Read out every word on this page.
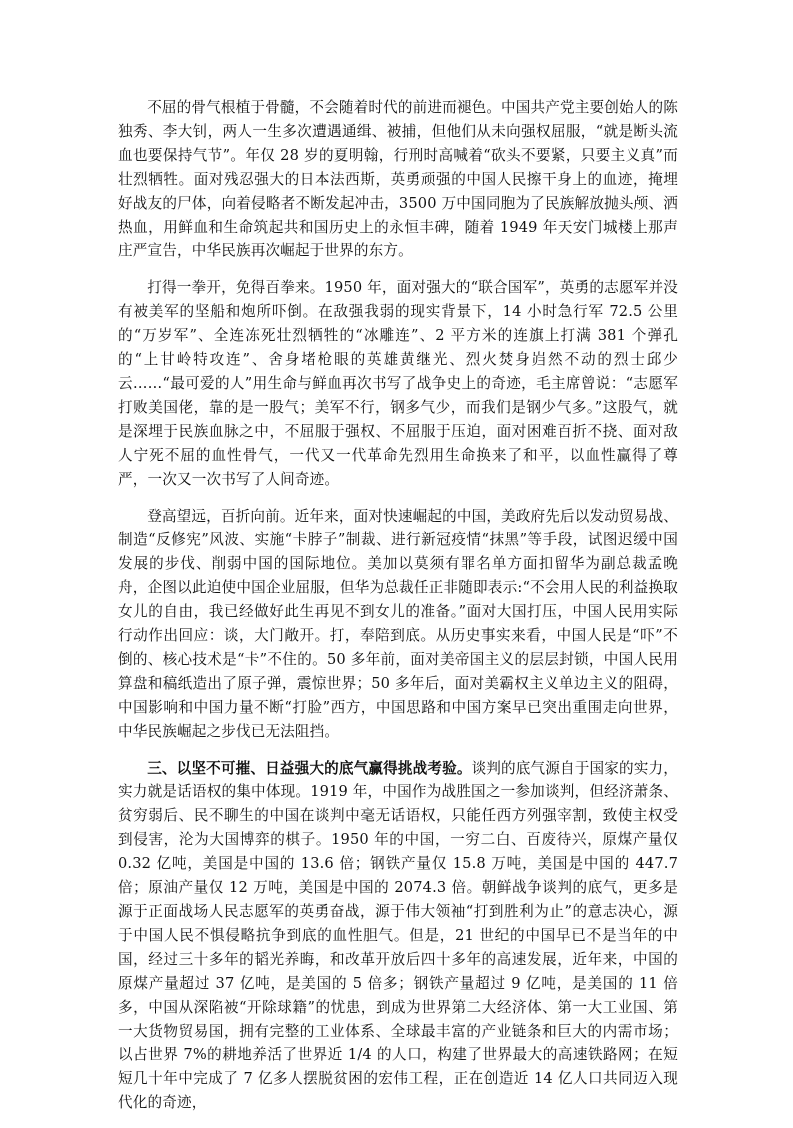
不屈的骨气根植于骨髓，不会随着时代的前进而褪色。中国共产党主要创始人的陈独秀、李大钊，两人一生多次遭遇通缉、被捕，但他们从未向强权屈服，“就是断头流血也要保持气节”。年仅 28 岁的夏明翰，行刑时高喊着“砍头不要紧，只要主义真”而壮烈牺牲。面对残忍强大的日本法西斯，英勇顽强的中国人民擦干身上的血迹，掩埋好战友的尸体，向着侵略者不断发起冲击，3500 万中国同胞为了民族解放抛头颅、洒热血，用鲜血和生命筑起共和国历史上的永恒丰碑，随着 1949 年天安门城楼上那声庄严宣告，中华民族再次崛起于世界的东方。

打得一拳开，免得百拳来。1950 年，面对强大的“联合国军”，英勇的志愿军并没有被美军的坚船和炮所吓倒。在敌强我弱的现实背景下，14 小时急行军 72.5 公里的“万岁军”、全连冻死壮烈牺牲的“冰雕连”、2 平方米的连旗上打满 381 个弹孔的“上甘岭特攻连”、舍身堵枪眼的英雄黄继光、烈火焚身岿然不动的烈士邱少云……“最可爱的人”用生命与鲜血再次书写了战争史上的奇迹，毛主席曾说：“志愿军打败美国佬，靠的是一股气；美军不行，钢多气少，而我们是钢少气多。”这股气，就是深埋于民族血脉之中，不屈服于强权、不屈服于压迫，面对困难百折不挠、面对敌人宁死不屈的血性骨气，一代又一代革命先烈用生命换来了和平，以血性赢得了尊严，一次又一次书写了人间奇迹。

登高望远，百折向前。近年来，面对快速崛起的中国，美政府先后以发动贸易战、制造“反修宪”风波、实施“卡脖子”制裁、进行新冠疫情“抹黑”等手段，试图迟缓中国发展的步伐、削弱中国的国际地位。美加以莫须有罪名单方面扣留华为副总裁孟晚舟，企图以此迫使中国企业屈服，但华为总裁任正非随即表示:“不会用人民的利益换取女儿的自由，我已经做好此生再见不到女儿的准备。”面对大国打压，中国人民用实际行动作出回应：谈，大门敞开。打，奉陪到底。从历史事实来看，中国人民是“吓”不倒的、核心技术是“卡”不住的。50 多年前，面对美帝国主义的层层封锁，中国人民用算盘和稿纸造出了原子弹，震惊世界；50 多年后，面对美霸权主义单边主义的阻碍，中国影响和中国力量不断“打脸”西方，中国思路和中国方案早已突出重围走向世界，中华民族崛起之步伐已无法阻挡。

三、以坚不可摧、日益强大的底气赢得挑战考验。谈判的底气源自于国家的实力，实力就是话语权的集中体现。1919 年，中国作为战胜国之一参加谈判，但经济萧条、贫穷弱后、民不聊生的中国在谈判中毫无话语权，只能任西方列强宰割，致使主权受到侵害，沦为大国博弈的棋子。1950 年的中国，一穷二白、百废待兴，原煤产量仅 0.32 亿吨，美国是中国的 13.6 倍；钢铁产量仅 15.8 万吨，美国是中国的 447.7 倍；原油产量仅 12 万吨，美国是中国的 2074.3 倍。朝鲜战争谈判的底气，更多是源于正面战场人民志愿军的英勇奋战，源于伟大领袖“打到胜利为止”的意志决心，源于中国人民不惧侵略抗争到底的血性胆气。但是，21 世纪的中国早已不是当年的中国，经过三十多年的韬光养晦，和改革开放后四十多年的高速发展，近年来，中国的原煤产量超过 37 亿吨，是美国的 5 倍多；钢铁产量超过 9 亿吨，是美国的 11 倍多，中国从深陷被“开除球籍”的忧患，到成为世界第二大经济体、第一大工业国、第一大货物贸易国，拥有完整的工业体系、全球最丰富的产业链条和巨大的内需市场；以占世界 7%的耕地养活了世界近 1/4 的人口，构建了世界最大的高速铁路网；在短短几十年中完成了 7 亿多人摆脱贫困的宏伟工程，正在创造近 14 亿人口共同迈入现代化的奇迹，
